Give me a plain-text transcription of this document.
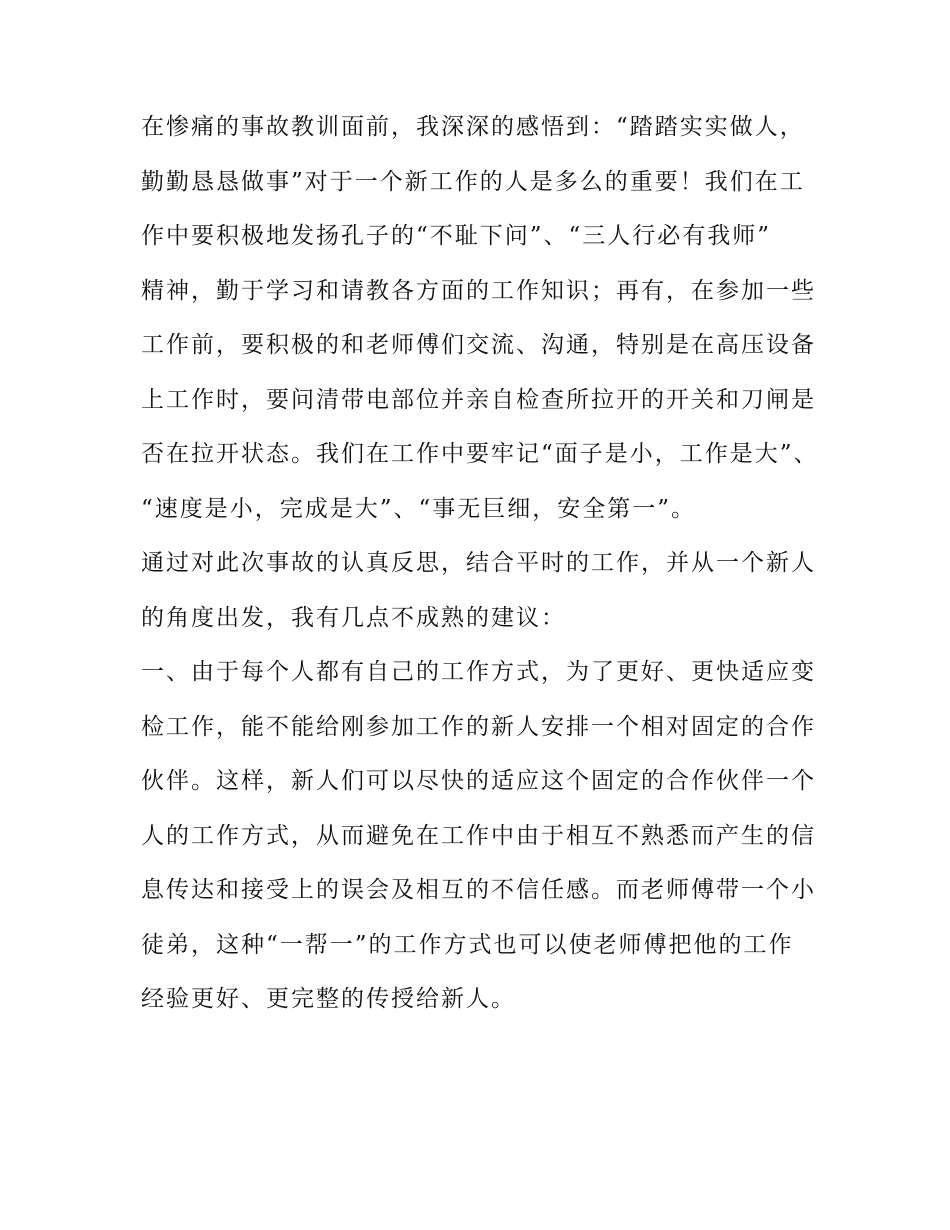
在惨痛的事故教训面前，我深深的感悟到：“踏踏实实做人，
勤勤恳恳做事”对于一个新工作的人是多么的重要！我们在工
作中要积极地发扬孔子的“不耻下问”、“三人行必有我师”
精神，勤于学习和请教各方面的工作知识；再有，在参加一些
工作前，要积极的和老师傅们交流、沟通，特别是在高压设备
上工作时，要问清带电部位并亲自检查所拉开的开关和刀闸是
否在拉开状态。我们在工作中要牢记“面子是小，工作是大”、
“速度是小，完成是大”、“事无巨细，安全第一”。
通过对此次事故的认真反思，结合平时的工作，并从一个新人
的角度出发，我有几点不成熟的建议：
一、由于每个人都有自己的工作方式，为了更好、更快适应变
检工作，能不能给刚参加工作的新人安排一个相对固定的合作
伙伴。这样，新人们可以尽快的适应这个固定的合作伙伴一个
人的工作方式，从而避免在工作中由于相互不熟悉而产生的信
息传达和接受上的误会及相互的不信任感。而老师傅带一个小
徒弟，这种“一帮一”的工作方式也可以使老师傅把他的工作
经验更好、更完整的传授给新人。
